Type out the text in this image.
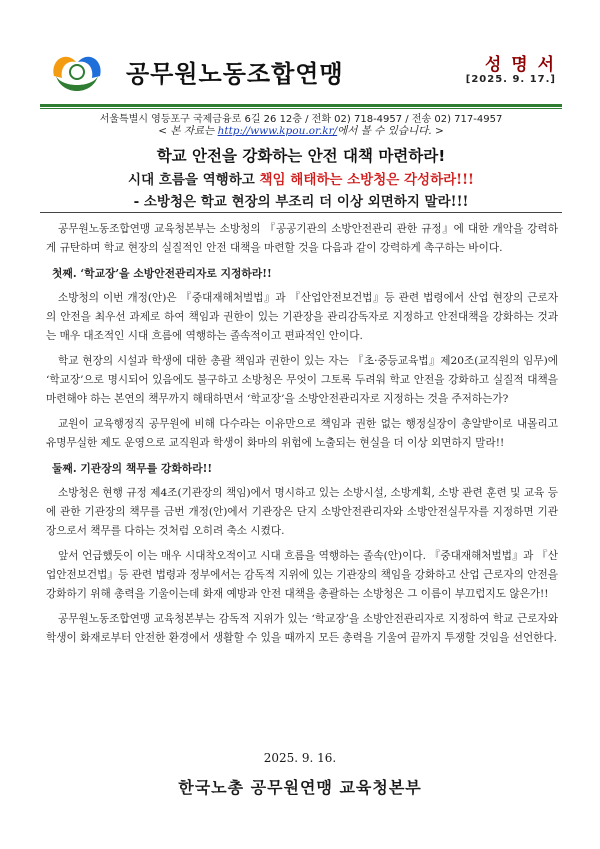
공무원노동조합연맹	성 명 서
[2025. 9. 17.]
서울특별시 영등포구 국제금융로 6길 26 12층 / 전화 02) 718-4957 / 전송 02) 717-4957
< 본 자료는 http://www.kpou.or.kr/에서 볼 수 있습니다. >
학교 안전을 강화하는 안전 대책 마련하라!
시대 흐름을 역행하고 책임 해태하는 소방청은 각성하라!!!
- 소방청은 학교 현장의 부조리 더 이상 외면하지 말라!!!

공무원노동조합연맹 교육청본부는 소방청의 『공공기관의 소방안전관리 관한 규정』에 대한 개악을 강력하게 규탄하며 학교 현장의 실질적인 안전 대책을 마련할 것을 다음과 같이 강력하게 촉구하는 바이다.

첫째. ‘학교장’을 소방안전관리자로 지정하라!!

소방청의 이번 개정(안)은 『중대재해처벌법』과 『산업안전보건법』등 관련 법령에서 산업 현장의 근로자의 안전을 최우선 과제로 하여 책임과 권한이 있는 기관장을 관리감독자로 지정하고 안전대책을 강화하는 것과는 매우 대조적인 시대 흐름에 역행하는 졸속적이고 편파적인 안이다.

학교 현장의 시설과 학생에 대한 총괄 책임과 권한이 있는 자는 『초·중등교육법』제20조(교직원의 임무)에 ‘학교장’으로 명시되어 있음에도 불구하고 소방청은 무엇이 그토록 두려워 학교 안전을 강화하고 실질적 대책을 마련해야 하는 본연의 책무까지 해태하면서 ‘학교장’을 소방안전관리자로 지정하는 것을 주저하는가?

교원이 교육행정직 공무원에 비해 다수라는 이유만으로 책임과 권한 없는 행정실장이 총알받이로 내몰리고 유명무실한 제도 운영으로 교직원과 학생이 화마의 위험에 노출되는 현실을 더 이상 외면하지 말라!!

둘째. 기관장의 책무를 강화하라!!

소방청은 현행 규정 제4조(기관장의 책임)에서 명시하고 있는 소방시설, 소방계획, 소방 관련 훈련 및 교육 등에 관한 기관장의 책무를 금번 개정(안)에서 기관장은 단지 소방안전관리자와 소방안전실무자를 지정하면 기관장으로서 책무를 다하는 것처럼 오히려 축소 시켰다.

앞서 언급했듯이 이는 매우 시대착오적이고 시대 흐름을 역행하는 졸속(안)이다. 『중대재해처벌법』과 『산업안전보건법』등 관련 법령과 정부에서는 감독적 지위에 있는 기관장의 책임을 강화하고 산업 근로자의 안전을 강화하기 위해 총력을 기울이는데 화재 예방과 안전 대책을 총괄하는 소방청은 그 이름이 부끄럽지도 않은가!!

공무원노동조합연맹 교육청본부는 감독적 지위가 있는 ‘학교장’을 소방안전관리자로 지정하여 학교 근로자와 학생이 화재로부터 안전한 환경에서 생활할 수 있을 때까지 모든 총력을 기울여 끝까지 투쟁할 것임을 선언한다.

2025. 9. 16.
한국노총 공무원연맹 교육청본부
